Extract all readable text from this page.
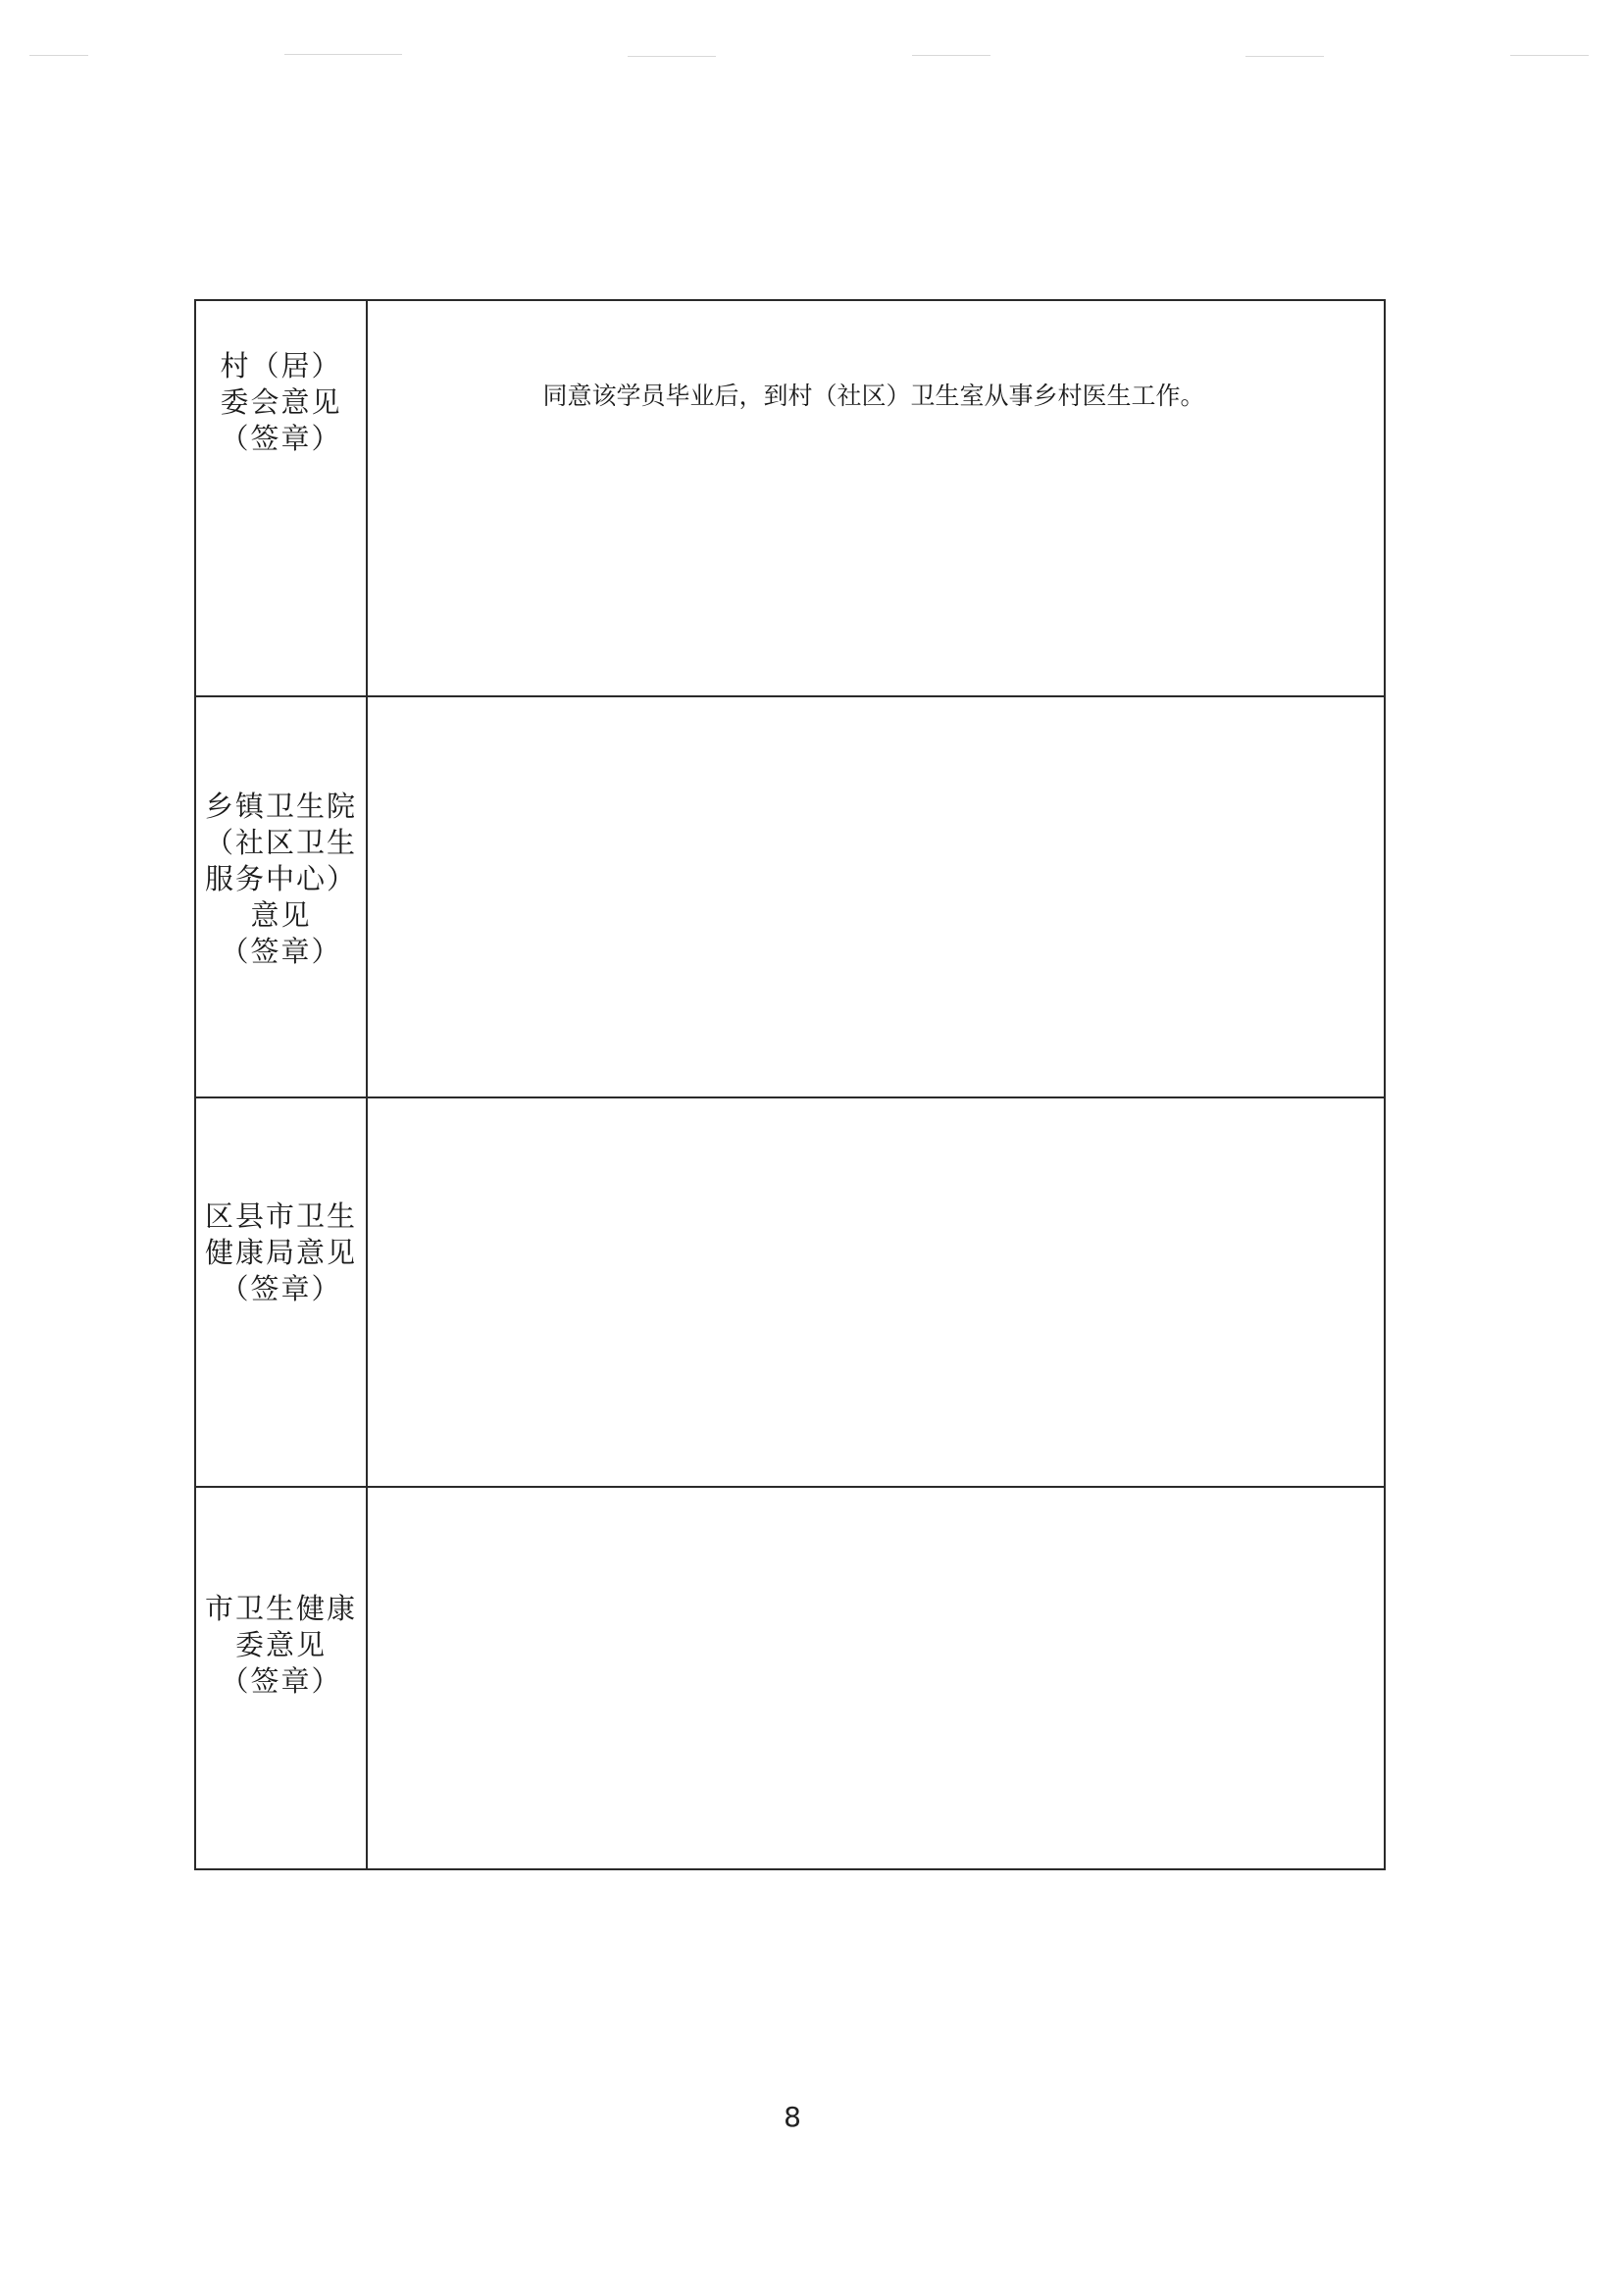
村（居）
委会意见
（签章）	同意该学员毕业后，到村（社区）卫生室从事乡村医生工作。

乡镇卫生院
（社区卫生
服务中心）
意见
（签章）	

区县市卫生
健康局意见
（签章）	

市卫生健康
委意见
（签章）	

8
